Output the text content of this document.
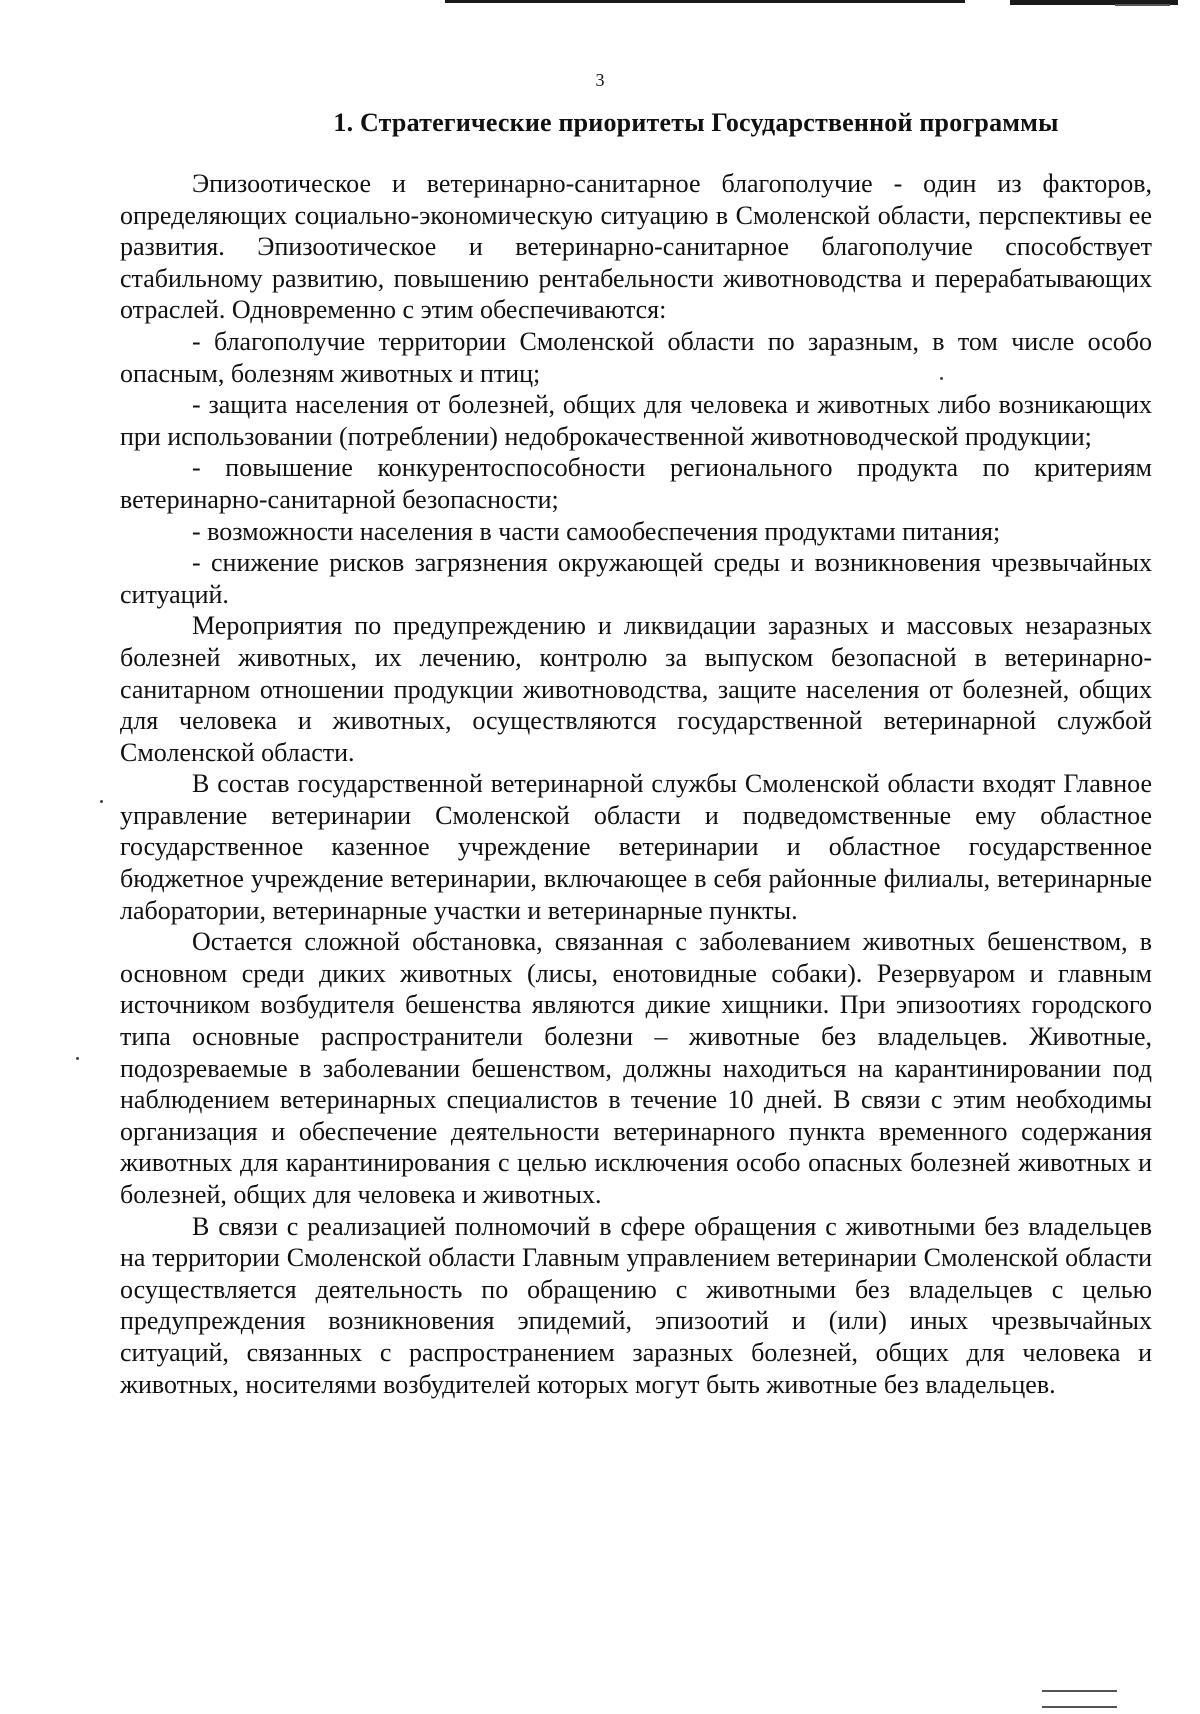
3
1. Стратегические приоритеты Государственной программы

Эпизоотическое и ветеринарно-санитарное благополучие - один из факторов, определяющих социально-экономическую ситуацию в Смоленской области, перспективы ее развития. Эпизоотическое и ветеринарно-санитарное благополучие способствует стабильному развитию, повышению рентабельности животноводства и перерабатывающих отраслей. Одновременно с этим обеспечиваются:

- благополучие территории Смоленской области по заразным, в том числе особо опасным, болезням животных и птиц;

- защита населения от болезней, общих для человека и животных либо возникающих при использовании (потреблении) недоброкачественной животноводческой продукции;

- повышение конкурентоспособности регионального продукта по критериям ветеринарно-санитарной безопасности;

- возможности населения в части самообеспечения продуктами питания;

- снижение рисков загрязнения окружающей среды и возникновения чрезвычайных ситуаций.

Мероприятия по предупреждению и ликвидации заразных и массовых незаразных болезней животных, их лечению, контролю за выпуском безопасной в ветеринарно-санитарном отношении продукции животноводства, защите населения от болезней, общих для человека и животных, осуществляются государственной ветеринарной службой Смоленской области.

В состав государственной ветеринарной службы Смоленской области входят Главное управление ветеринарии Смоленской области и подведомственные ему областное государственное казенное учреждение ветеринарии и областное государственное бюджетное учреждение ветеринарии, включающее в себя районные филиалы, ветеринарные лаборатории, ветеринарные участки и ветеринарные пункты.

Остается сложной обстановка, связанная с заболеванием животных бешенством, в основном среди диких животных (лисы, енотовидные собаки). Резервуаром и главным источником возбудителя бешенства являются дикие хищники. При эпизоотиях городского типа основные распространители болезни – животные без владельцев. Животные, подозреваемые в заболевании бешенством, должны находиться на карантинировании под наблюдением ветеринарных специалистов в течение 10 дней. В связи с этим необходимы организация и обеспечение деятельности ветеринарного пункта временного содержания животных для карантинирования с целью исключения особо опасных болезней животных и болезней, общих для человека и животных.

В связи с реализацией полномочий в сфере обращения с животными без владельцев на территории Смоленской области Главным управлением ветеринарии Смоленской области осуществляется деятельность по обращению с животными без владельцев с целью предупреждения возникновения эпидемий, эпизоотий и (или) иных чрезвычайных ситуаций, связанных с распространением заразных болезней, общих для человека и животных, носителями возбудителей которых могут быть животные без владельцев.
